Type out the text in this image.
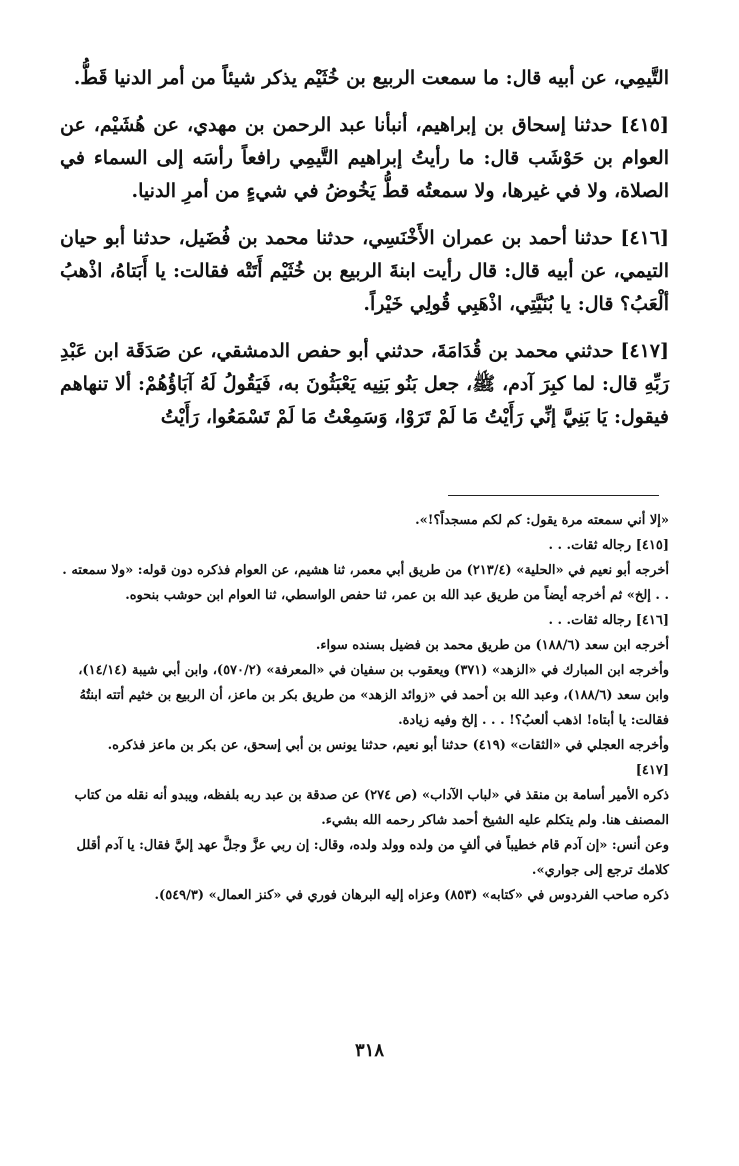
التَّيمِي، عن أبيه قال: ما سمعت الربيع بن خُثَيْم يذكر شيئاً من أمر الدنيا قَطُّ.

[٤١٥] حدثنا إسحاق بن إبراهيم، أنبأنا عبد الرحمن بن مهدي، عن هُشَيْم، عن العوام بن حَوْشَب قال: ما رأيتُ إبراهيم التَّيمِي رافعاً رأسَه إلى السماء في الصلاة، ولا في غيرها، ولا سمعتُه قطُّ يَخُوضُ في شيءٍ من أمرِ الدنيا.

[٤١٦] حدثنا أحمد بن عمران الأَخْنَسِي، حدثنا محمد بن فُضَيل، حدثنا أبو حيان التيمي، عن أبيه قال: قال رأيت ابنةَ الربيع بن خُثَيْم أَتَتْه فقالت: يا أَبَتاهُ، اذْهبُ ألْعَبُ؟ قال: يا بُنَيَّتِي، اذْهَبِي قُولِي خَيْراً.

[٤١٧] حدثني محمد بن قُدَامَةَ، حدثني أبو حفص الدمشقي، عن صَدَقَة ابن عَبْدِ رَبِّهِ قال: لما كبِرَ آدم، ﷺ، جعل بَنُو بَنِيه يَعْبَثُونَ به، فَيَقُولُ لَهُ آبَاؤُهُمْ: ألا تنهاهم فيقول: يَا بَنِيَّ إنِّي رَأَيْتُ مَا لَمْ تَرَوْا، وَسَمِعْتُ مَا لَمْ تَسْمَعُوا، رَأَيْتُ

«إلا أني سمعته مرة يقول: كم لكم مسجداً؟!».
[٤١٥] رجاله ثقات. . .
أخرجه أبو نعيم في «الحلية» (٢١٣/٤) من طريق أبي معمر، ثنا هشيم، عن العوام فذكره دون قوله: «ولا سمعته . . . إلخ» ثم أخرجه أيضاً من طريق عبد الله بن عمر، ثنا حفص الواسطي، ثنا العوام ابن حوشب بنحوه.
[٤١٦] رجاله ثقات. . .
أخرجه ابن سعد (١٨٨/٦) من طريق محمد بن فضيل بسنده سواء.
وأخرجه ابن المبارك في «الزهد» (٣٧١) ويعقوب بن سفيان في «المعرفة» (٥٧٠/٢)، وابن أبي شيبة (١٤/١٤)، وابن سعد (١٨٨/٦)، وعبد الله بن أحمد في «زوائد الزهد» من طريق بكر بن ماعز، أن الربيع بن خثيم أتته ابنتُهُ فقالت: يا أبتاه! اذهب ألعبُ؟! . . . إلخ وفيه زيادة.
وأخرجه العجلي في «الثقات» (٤١٩) حدثنا أبو نعيم، حدثنا يونس بن أبي إسحق، عن بكر بن ماعز فذكره.
[٤١٧]
ذكره الأمير أسامة بن منقذ في «لباب الآداب» (ص ٢٧٤) عن صدقة بن عبد ربه بلفظه، ويبدو أنه نقله من كتاب المصنف هنا. ولم يتكلم عليه الشيخ أحمد شاكر رحمه الله بشيء.
وعن أنس: «إن آدم قام خطيباً في ألفٍ من ولده وولد ولده، وقال: إن ربي عزَّ وجلَّ عهد إليَّ فقال: يا آدم أقلل كلامك ترجع إلى جواري».
ذكره صاحب الفردوس في «كتابه» (٨٥٣) وعزاه إليه البرهان فوري في «كنز العمال» (٥٤٩/٣).
٣١٨
